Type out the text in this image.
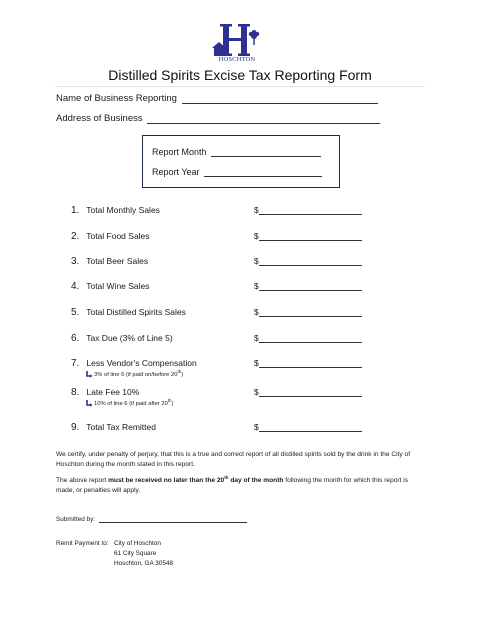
HOSCHTON
Distilled Spirits Excise Tax Reporting Form
Name of Business Reporting
Address of Business
Report Month
Report Year
1. Total Monthly Sales	$
2. Total Food Sales	$
3. Total Beer Sales	$
4. Total Wine Sales	$
5. Total Distilled Spirits Sales	$
6. Tax Due (3% of Line 5)	$
7. Less Vendor's Compensation	$
3% of line 6 (if paid on/before 20th)
8. Late Fee 10%	$
10% of line 6 (if paid after 20th)
9. Total Tax Remitted	$
We certify, under penalty of perjury, that this is a true and correct report of all distilled spirits sold by the drink in the City of Hoschton during the month stated in this report.
The above report must be received no later than the 20th day of the month following the month for which this report is made, or penalties will apply.
Submitted by:
Remit Payment to: City of Hoschton
61 City Square
Hoschton, GA 30548
